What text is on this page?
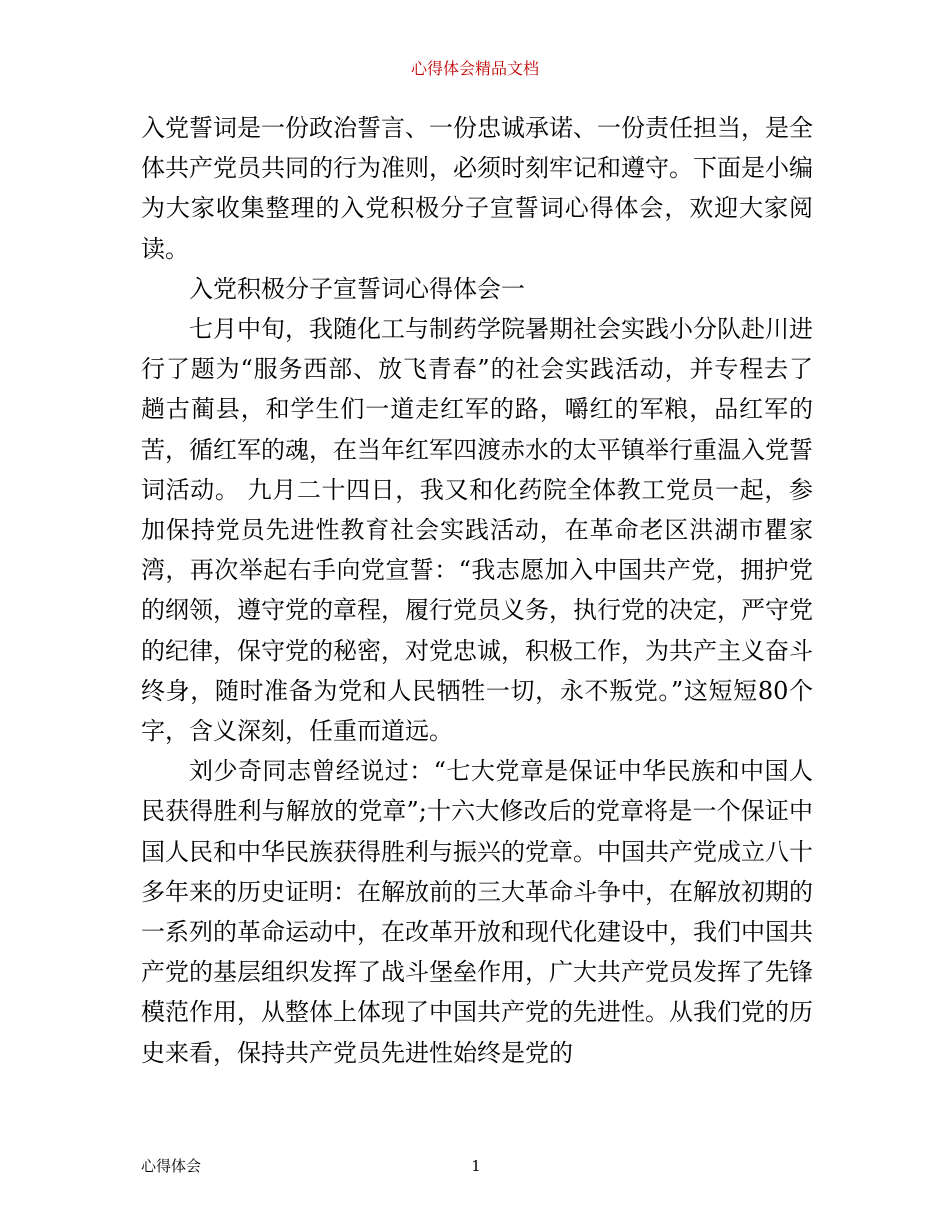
心得体会精品文档

入党誓词是一份政治誓言、一份忠诚承诺、一份责任担当，是全体共产党员共同的行为准则，必须时刻牢记和遵守。下面是小编为大家收集整理的入党积极分子宣誓词心得体会，欢迎大家阅读。

入党积极分子宣誓词心得体会一

七月中旬，我随化工与制药学院暑期社会实践小分队赴川进行了题为“服务西部、放飞青春”的社会实践活动，并专程去了趟古蔺县，和学生们一道走红军的路，嚼红的军粮，品红军的苦，循红军的魂，在当年红军四渡赤水的太平镇举行重温入党誓词活动。 九月二十四日，我又和化药院全体教工党员一起，参加保持党员先进性教育社会实践活动，在革命老区洪湖市瞿家湾，再次举起右手向党宣誓：“我志愿加入中国共产党，拥护党的纲领，遵守党的章程，履行党员义务，执行党的决定，严守党的纪律，保守党的秘密，对党忠诚，积极工作，为共产主义奋斗终身，随时准备为党和人民牺牲一切，永不叛党。”这短短80个字，含义深刻，任重而道远。

刘少奇同志曾经说过：“七大党章是保证中华民族和中国人民获得胜利与解放的党章”;十六大修改后的党章将是一个保证中国人民和中华民族获得胜利与振兴的党章。中国共产党成立八十多年来的历史证明：在解放前的三大革命斗争中，在解放初期的一系列的革命运动中，在改革开放和现代化建设中，我们中国共产党的基层组织发挥了战斗堡垒作用，广大共产党员发挥了先锋模范作用，从整体上体现了中国共产党的先进性。从我们党的历史来看，保持共产党员先进性始终是党的

心得体会	1
